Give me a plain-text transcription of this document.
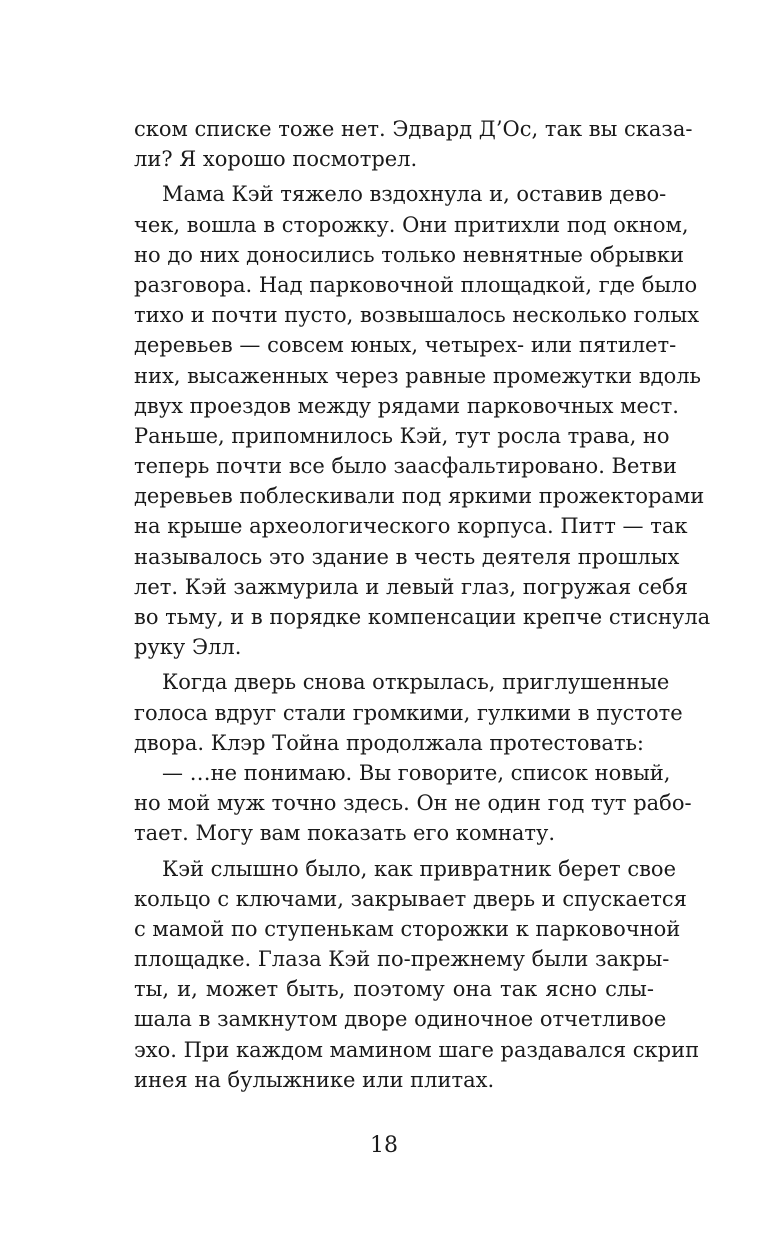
ском списке тоже нет. Эдвард Д’Ос, так вы сказа-
ли? Я хорошо посмотрел.
Мама Кэй тяжело вздохнула и, оставив дево-
чек, вошла в сторожку. Они притихли под окном,
но до них доносились только невнятные обрывки
разговора. Над парковочной площадкой, где было
тихо и почти пусто, возвышалось несколько голых
деревьев — совсем юных, четырех- или пятилет-
них, высаженных через равные промежутки вдоль
двух проездов между рядами парковочных мест.
Раньше, припомнилось Кэй, тут росла трава, но
теперь почти все было заасфальтировано. Ветви
деревьев поблескивали под яркими прожекторами
на крыше археологического корпуса. Питт — так
называлось это здание в честь деятеля прошлых
лет. Кэй зажмурила и левый глаз, погружая себя
во тьму, и в порядке компенсации крепче стиснула
руку Элл.
Когда дверь снова открылась, приглушенные
голоса вдруг стали громкими, гулкими в пустоте
двора. Клэр Тойна продолжала протестовать:
— …не понимаю. Вы говорите, список новый,
но мой муж точно здесь. Он не один год тут рабо-
тает. Могу вам показать его комнату.
Кэй слышно было, как привратник берет свое
кольцо с ключами, закрывает дверь и спускается
с мамой по ступенькам сторожки к парковочной
площадке. Глаза Кэй по-прежнему были закры-
ты, и, может быть, поэтому она так ясно слы-
шала в замкнутом дворе одиночное отчетливое
эхо. При каждом мамином шаге раздавался скрип
инея на булыжнике или плитах.
18
